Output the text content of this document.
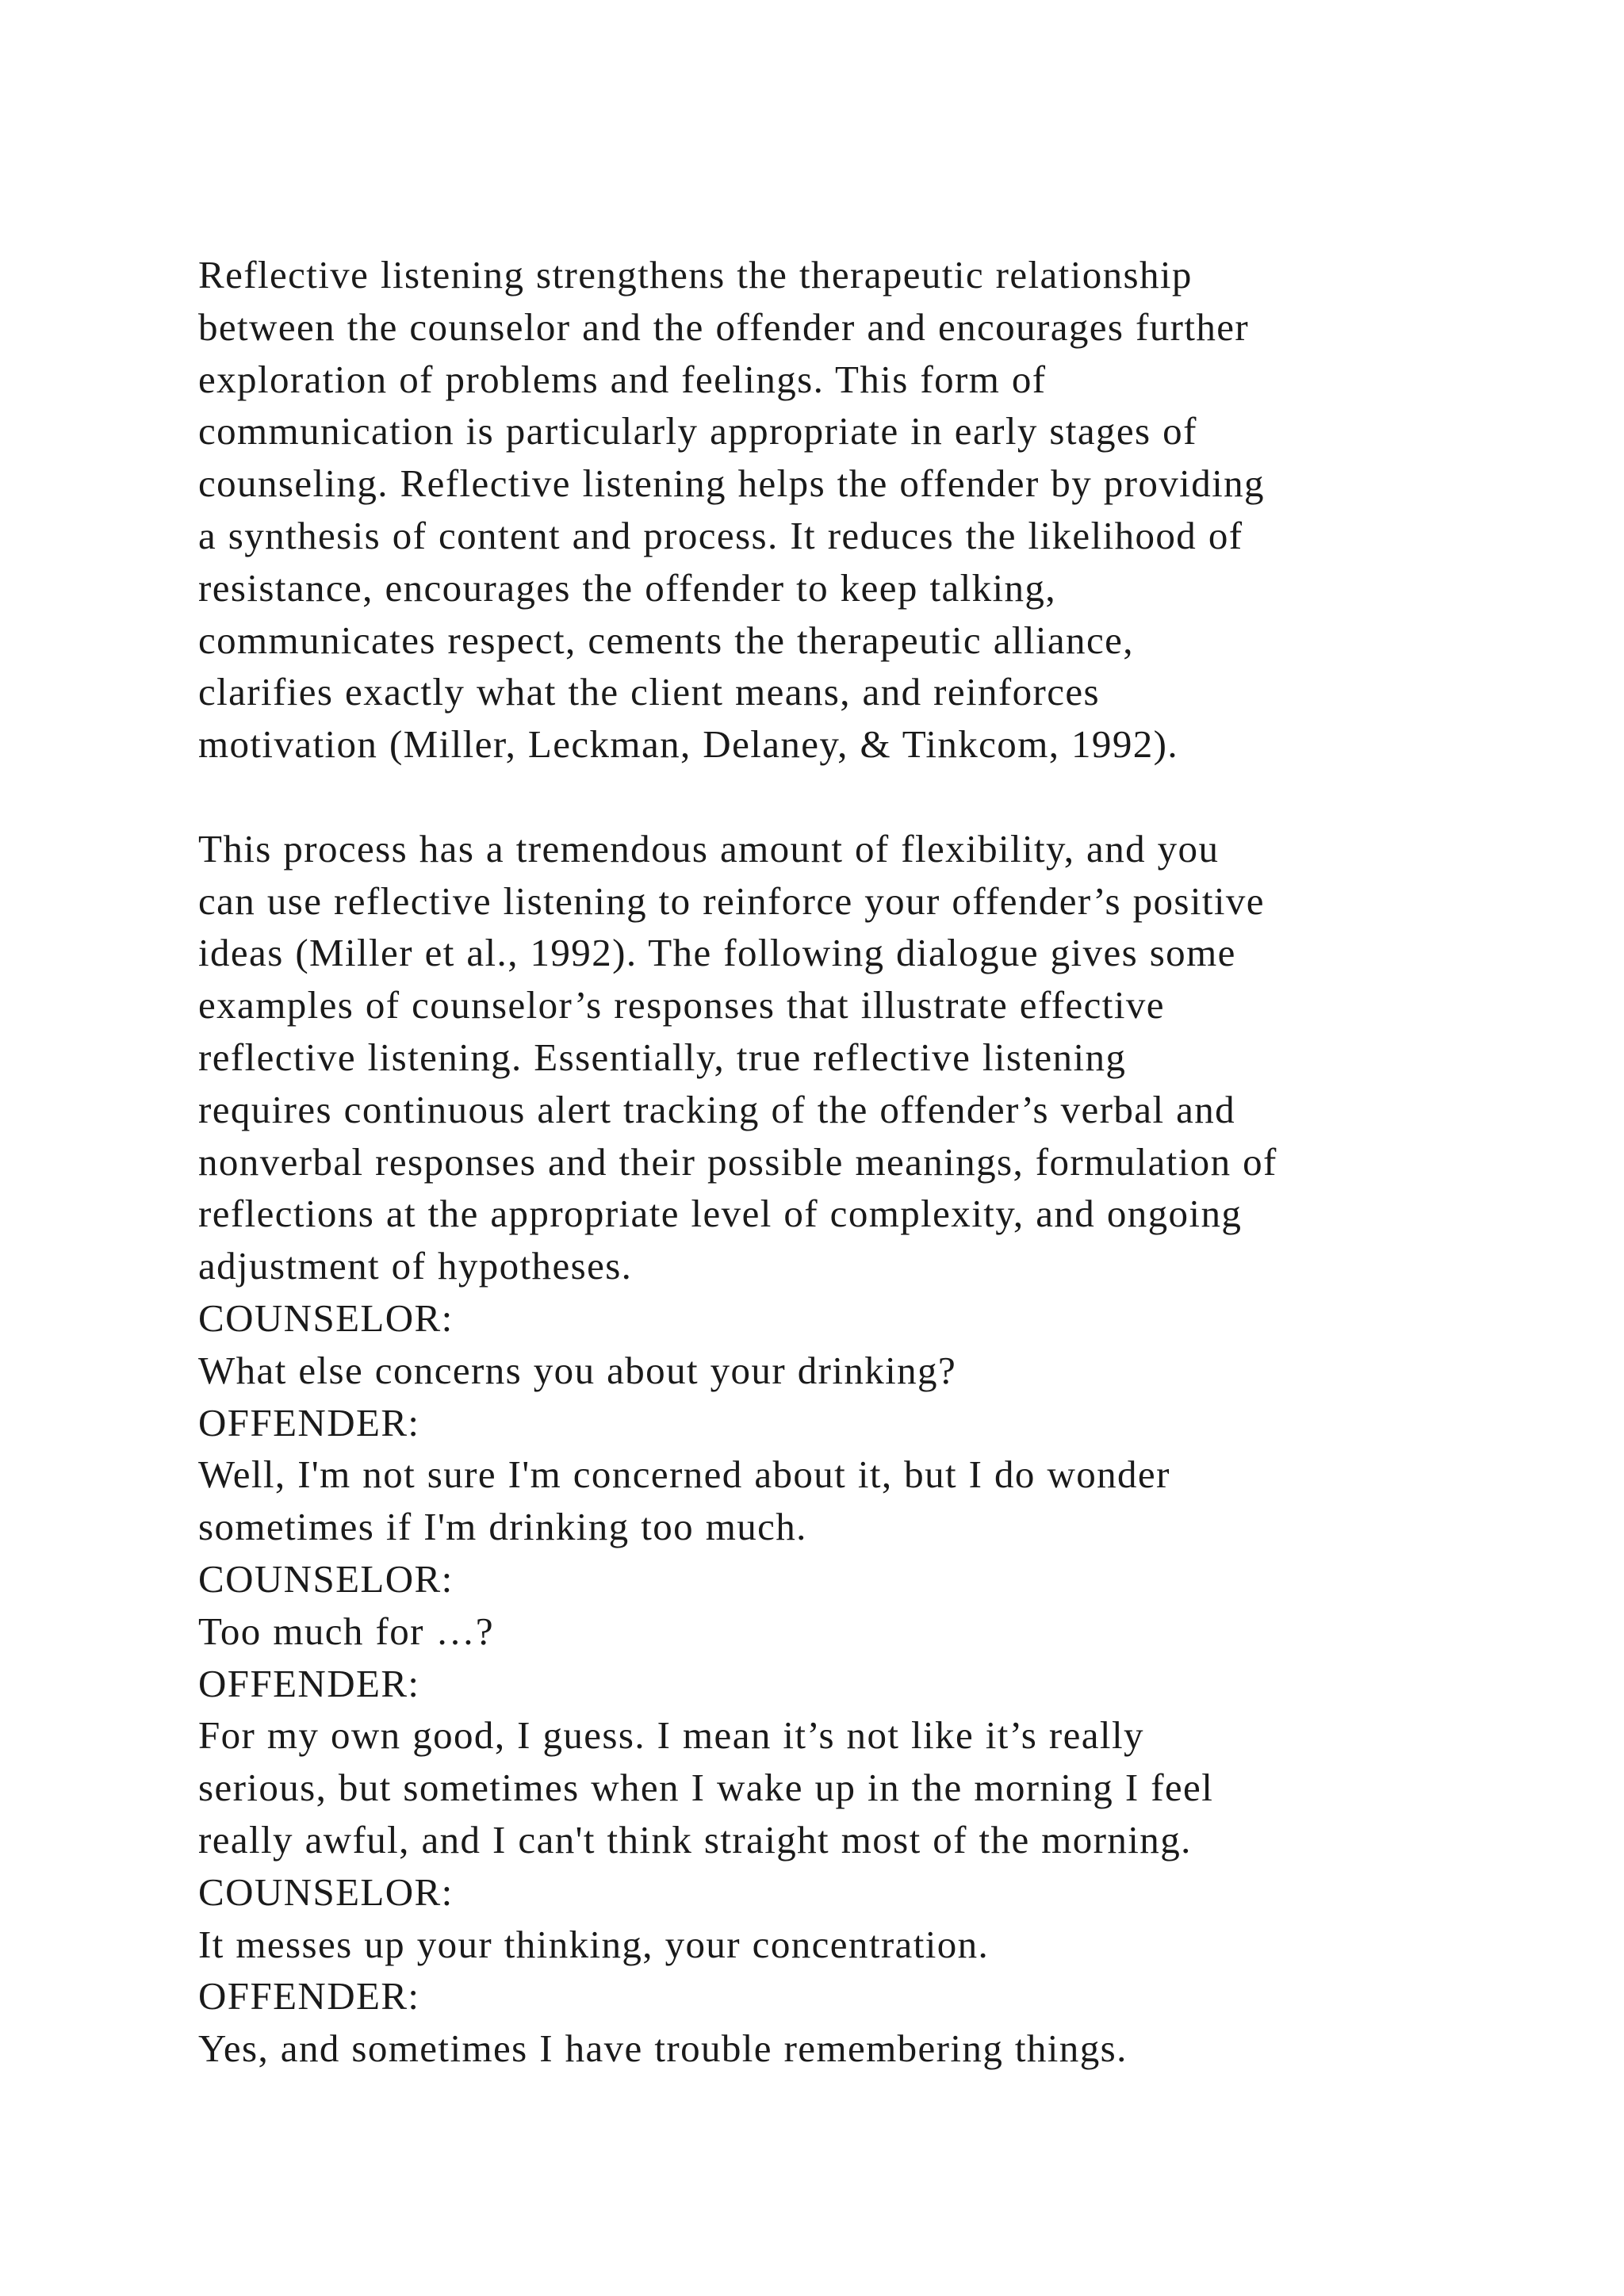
Reflective listening strengthens the therapeutic relationship
between the counselor and the offender and encourages further
exploration of problems and feelings. This form of
communication is particularly appropriate in early stages of
counseling. Reflective listening helps the offender by providing
a synthesis of content and process. It reduces the likelihood of
resistance, encourages the offender to keep talking,
communicates respect, cements the therapeutic alliance,
clarifies exactly what the client means, and reinforces
motivation (Miller, Leckman, Delaney, & Tinkcom, 1992).
This process has a tremendous amount of flexibility, and you
can use reflective listening to reinforce your offender’s positive
ideas (Miller et al., 1992). The following dialogue gives some
examples of counselor’s responses that illustrate effective
reflective listening. Essentially, true reflective listening
requires continuous alert tracking of the offender’s verbal and
nonverbal responses and their possible meanings, formulation of
reflections at the appropriate level of complexity, and ongoing
adjustment of hypotheses.
COUNSELOR:
What else concerns you about your drinking?
OFFENDER:
Well, I'm not sure I'm concerned about it, but I do wonder
sometimes if I'm drinking too much.
COUNSELOR:
Too much for …?
OFFENDER:
For my own good, I guess. I mean it’s not like it’s really
serious, but sometimes when I wake up in the morning I feel
really awful, and I can't think straight most of the morning.
COUNSELOR:
It messes up your thinking, your concentration.
OFFENDER:
Yes, and sometimes I have trouble remembering things.
